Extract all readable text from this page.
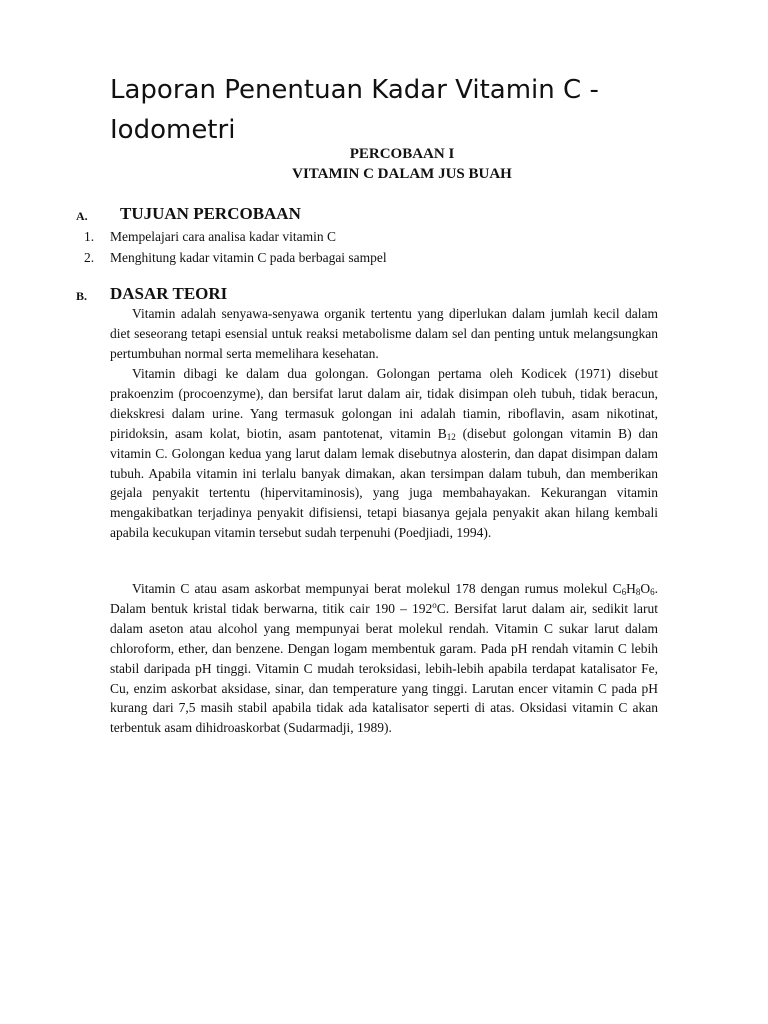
Laporan Penentuan Kadar Vitamin C - Iodometri
PERCOBAAN I
VITAMIN C DALAM JUS BUAH
A. TUJUAN PERCOBAAN
1. Mempelajari cara analisa kadar vitamin C
2. Menghitung kadar vitamin C pada berbagai sampel
B. DASAR TEORI

Vitamin adalah senyawa-senyawa organik tertentu yang diperlukan dalam jumlah kecil dalam diet seseorang tetapi esensial untuk reaksi metabolisme dalam sel dan penting untuk melangsungkan pertumbuhan normal serta memelihara kesehatan.

Vitamin dibagi ke dalam dua golongan. Golongan pertama oleh Kodicek (1971) disebut prakoenzim (procoenzyme), dan bersifat larut dalam air, tidak disimpan oleh tubuh, tidak beracun, diekskresi dalam urine. Yang termasuk golongan ini adalah tiamin, riboflavin, asam nikotinat, piridoksin, asam kolat, biotin, asam pantotenat, vitamin $B_{12}$ (disebut golongan vitamin B) dan vitamin C. Golongan kedua yang larut dalam lemak disebutnya alosterin, dan dapat disimpan dalam tubuh. Apabila vitamin ini terlalu banyak dimakan, akan tersimpan dalam tubuh, dan memberikan gejala penyakit tertentu (hipervitaminosis), yang juga membahayakan. Kekurangan vitamin mengakibatkan terjadinya penyakit difisiensi, tetapi biasanya gejala penyakit akan hilang kembali apabila kecukupan vitamin tersebut sudah terpenuhi (Poedjiadi, 1994).

Vitamin C atau asam askorbat mempunyai berat molekul 178 dengan rumus molekul $C_6H_8O_6$. Dalam bentuk kristal tidak berwarna, titik cair 190 – 192$^o$C. Bersifat larut dalam air, sedikit larut dalam aseton atau alcohol yang mempunyai berat molekul rendah. Vitamin C sukar larut dalam chloroform, ether, dan benzene. Dengan logam membentuk garam. Pada pH rendah vitamin C lebih stabil daripada pH tinggi. Vitamin C mudah teroksidasi, lebih-lebih apabila terdapat katalisator Fe, Cu, enzim askorbat aksidase, sinar, dan temperature yang tinggi. Larutan encer vitamin C pada pH kurang dari 7,5 masih stabil apabila tidak ada katalisator seperti di atas. Oksidasi vitamin C akan terbentuk asam dihidroaskorbat (Sudarmadji, 1989).
